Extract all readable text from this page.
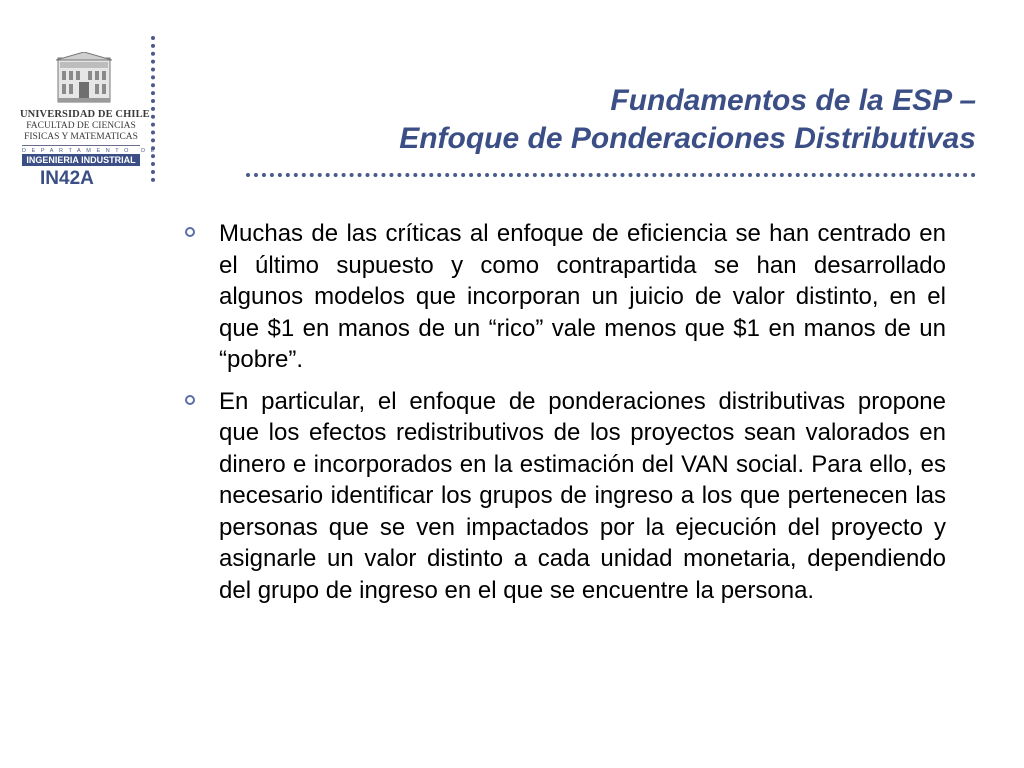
UNIVERSIDAD DE CHILE
FACULTAD DE CIENCIAS
FISICAS Y MATEMATICAS
DEPARTAMENTO DE
INGENIERIA INDUSTRIAL
IN42A
Fundamentos de la ESP –
Enfoque de Ponderaciones Distributivas
Muchas de las críticas al enfoque de eficiencia se han centrado en el último supuesto y como contrapartida se han desarrollado algunos modelos que incorporan un juicio de valor distinto, en el que $1 en manos de un “rico” vale menos que $1 en manos de un “pobre”.
En particular, el enfoque de ponderaciones distributivas propone que los efectos redistributivos de los proyectos sean valorados en dinero e incorporados en la estimación del VAN social. Para ello, es necesario identificar los grupos de ingreso a los que pertenecen las personas que se ven impactados por la ejecución del proyecto y asignarle un valor distinto a cada unidad monetaria, dependiendo del grupo de ingreso en el que se encuentre la persona.
